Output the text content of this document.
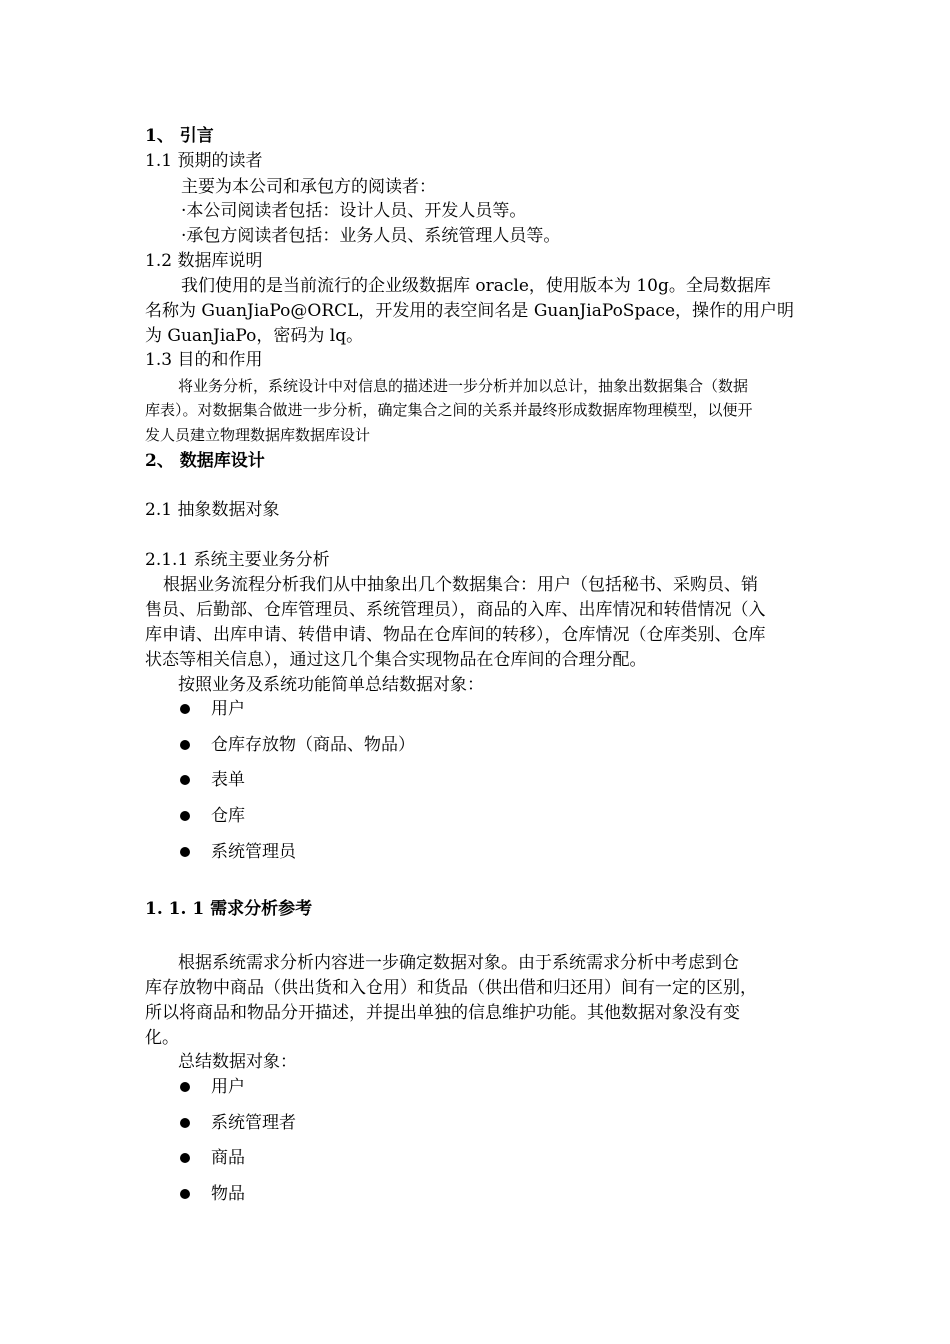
1、 引言
1.1 预期的读者
主要为本公司和承包方的阅读者：
·本公司阅读者包括：设计人员、开发人员等。
·承包方阅读者包括：业务人员、系统管理人员等。
1.2 数据库说明
我们使用的是当前流行的企业级数据库 oracle，使用版本为 10g。全局数据库
名称为 GuanJiaPo@ORCL，开发用的表空间名是 GuanJiaPoSpace，操作的用户明
为 GuanJiaPo，密码为 lq。
1.3 目的和作用
将业务分析，系统设计中对信息的描述进一步分析并加以总计，抽象出数据集合（数据
库表）。对数据集合做进一步分析，确定集合之间的关系并最终形成数据库物理模型，以便开
发人员建立物理数据库数据库设计
2、 数据库设计
2.1 抽象数据对象
2.1.1 系统主要业务分析
根据业务流程分析我们从中抽象出几个数据集合：用户（包括秘书、采购员、销
售员、后勤部、仓库管理员、系统管理员），商品的入库、出库情况和转借情况（入
库申请、出库申请、转借申请、物品在仓库间的转移），仓库情况（仓库类别、仓库
状态等相关信息），通过这几个集合实现物品在仓库间的合理分配。
按照业务及系统功能简单总结数据对象：
用户
仓库存放物（商品、物品）
表单
仓库
系统管理员
1. 1. 1 需求分析参考
根据系统需求分析内容进一步确定数据对象。由于系统需求分析中考虑到仓
库存放物中商品（供出货和入仓用）和货品（供出借和归还用）间有一定的区别，
所以将商品和物品分开描述，并提出单独的信息维护功能。其他数据对象没有变
化。
总结数据对象：
用户
系统管理者
商品
物品
